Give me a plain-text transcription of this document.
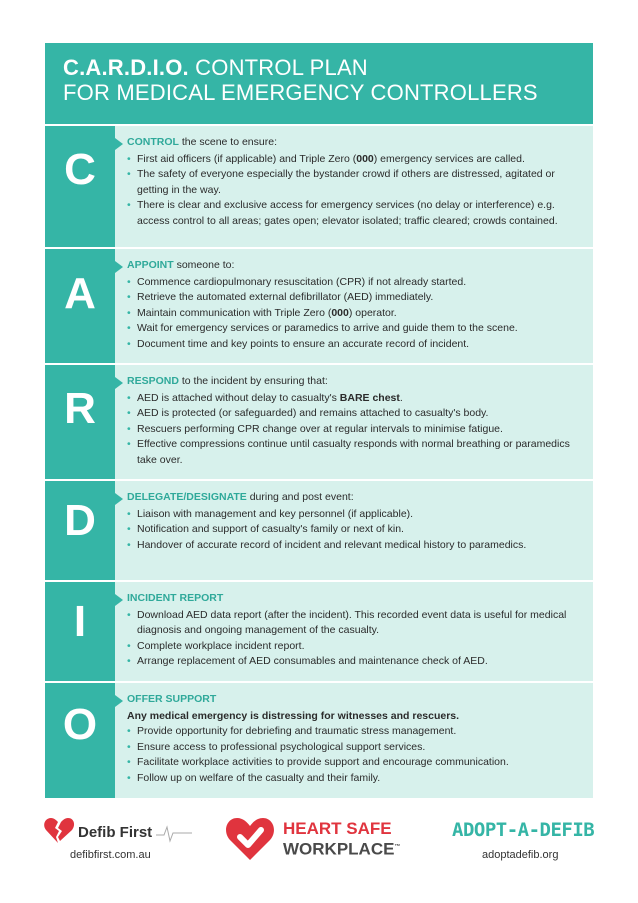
C.A.R.D.I.O. CONTROL PLAN
FOR MEDICAL EMERGENCY CONTROLLERS
C
CONTROL the scene to ensure:
• First aid officers (if applicable) and Triple Zero (000) emergency services are called.
• The safety of everyone especially the bystander crowd if others are distressed, agitated or getting in the way.
• There is clear and exclusive access for emergency services (no delay or interference) e.g. access control to all areas; gates open; elevator isolated; traffic cleared; crowds contained.
A
APPOINT someone to:
• Commence cardiopulmonary resuscitation (CPR) if not already started.
• Retrieve the automated external defibrillator (AED) immediately.
• Maintain communication with Triple Zero (000) operator.
• Wait for emergency services or paramedics to arrive and guide them to the scene.
• Document time and key points to ensure an accurate record of incident.
R
RESPOND to the incident by ensuring that:
• AED is attached without delay to casualty's BARE chest.
• AED is protected (or safeguarded) and remains attached to casualty's body.
• Rescuers performing CPR change over at regular intervals to minimise fatigue.
• Effective compressions continue until casualty responds with normal breathing or paramedics take over.
D	DELEGATE/DESIGNATE during and post event:
• Liaison with management and key personnel (if applicable).
• Notification and support of casualty's family or next of kin.
• Handover of accurate record of incident and relevant medical history to paramedics.
I	INCIDENT REPORT
• Download AED data report (after the incident). This recorded event data is useful for medical diagnosis and ongoing management of the casualty.
• Complete workplace incident report.
• Arrange replacement of AED consumables and maintenance check of AED.
O
OFFER SUPPORT
Any medical emergency is distressing for witnesses and rescuers.
• Provide opportunity for debriefing and traumatic stress management.
• Ensure access to professional psychological support services.
• Facilitate workplace activities to provide support and encourage communication.
• Follow up on welfare of the casualty and their family.
Defib First
defibfirst.com.au
HEART SAFE
WORKPLACE™
ADOPT-A-DEFIB
adoptadefib.org
